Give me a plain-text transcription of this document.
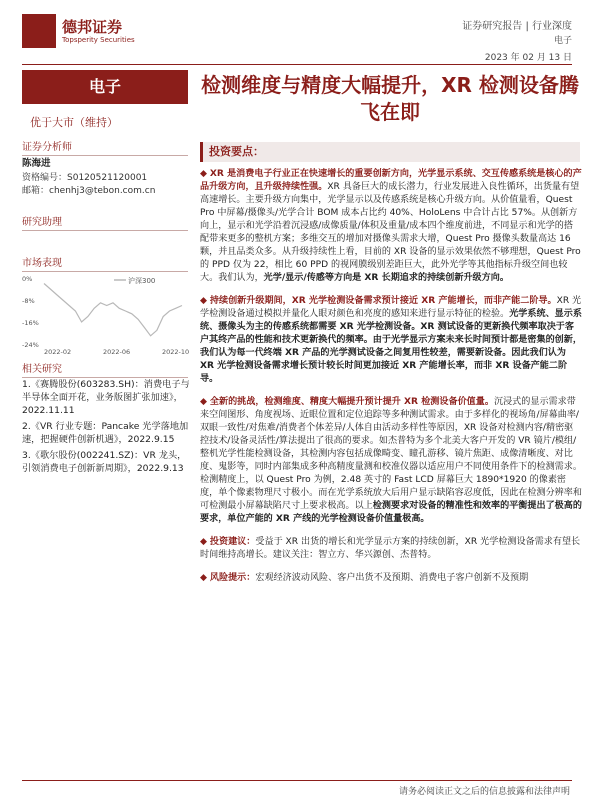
德邦证券
Topsperity Securities
证券研究报告 | 行业深度
电子
2023 年 02 月 13 日
电子	检测维度与精度大幅提升，XR 检测设备腾飞在即
优于大市（维持）
证券分析师
陈海进
资格编号：S0120521120001
邮箱：chenhj3@tebon.com.cn
研究助理
市场表现
0%
-8%
-16%
-24%
2022-02	2022-06	2022-10
沪深300
相关研究

1.《赛腾股份(603283.SH)：消费电子与半导体全面开花，业务版图扩张加速》，2022.11.11

2.《VR 行业专题：Pancake 光学落地加速，把握硬件创新机遇》，2022.9.15

3.《歌尔股份(002241.SZ)：VR 龙头，引领消费电子创新新周期》，2022.9.13

投资要点：

◆ XR 是消费电子行业正在快速增长的重要创新方向，光学显示系统、交互传感系统是核心的产品升级方向，且升级持续性强。XR 具备巨大的成长潜力，行业发展进入良性循环，出货量有望高速增长。主要升级方向集中，光学显示以及传感系统是核心升级方向。从价值量看，Quest Pro 中屏幕/摄像头/光学合计 BOM 成本占比约 40%、HoloLens 中合计占比 57%。从创新方向上，显示和光学沿着沉浸感/成像质量/体积及重量/成本四个维度前进，不同显示和光学的搭配带来更多的整机方案；多维交互的增加对摄像头需求大增，Quest Pro 摄像头数量高达 16 颗，并且品类众多。从升级持续性上看，目前的 XR 设备的显示效果依然不够理想，Quest Pro 的 PPD 仅为 22，相比 60 PPD 的视网膜级别差距巨大，此外光学等其他指标升级空间也较大。我们认为，光学/显示/传感等方向是 XR 长期追求的持续创新升级方向。

◆ 持续创新升级期间，XR 光学检测设备需求预计接近 XR 产能增长，而非产能二阶导。XR 光学检测设备通过模拟并量化人眼对颜色和亮度的感知来进行显示特征的检验。光学系统、显示系统、摄像头为主的传感系统都需要 XR 光学检测设备。XR 测试设备的更新换代频率取决于客户其终产品的性能和技术更新换代的频率。由于光学显示方案未来长时间预计都是密集的创新，我们认为每一代终端 XR 产品的光学测试设备之间复用性较差，需要新设备。因此我们认为 XR 光学检测设备需求增长预计较长时间更加接近 XR 产能增长率，而非 XR 设备产能二阶导。

◆ 全新的挑战，检测维度、精度大幅提升预计提升 XR 检测设备价值量。沉浸式的显示需求带来空间图形、角度视场、近眼位置和定位追踪等多种测试需求。由于多样化的视场角/屏幕曲率/双眼一致性/对焦难/消费者个体差异/人体自由活动多样性等原因，XR 设备对检测内容/精密驱控技术/设备灵活性/算法提出了很高的要求。如杰普特为多个北美大客户开发的 VR 镜片/模组/整机光学性能检测设备，其检测内容包括成像畸变、瞳孔游移、镜片焦距、成像清晰度、对比度、鬼影等，同时内部集成多种高精度量测和校准仪器以适应用户不同使用条件下的检测需求。检测精度上，以 Quest Pro 为例，2.48 英寸的 Fast LCD 屏幕巨大 1890*1920 的像素密度，单个像素物理尺寸极小。而在光学系统放大后用户显示缺陷容忍度低，因此在检测分辨率和可检测最小屏幕缺陷尺寸上要求极高。以上检测要求对设备的精准性和效率的平衡提出了极高的要求，单位产能的 XR 产线的光学检测设备价值量极高。

◆ 投资建议：受益于 XR 出货的增长和光学显示方案的持续创新，XR 光学检测设备需求有望长时间维持高增长。建议关注：智立方、华兴源创、杰普特。

◆ 风险提示：宏观经济波动风险、客户出货不及预期、消费电子客户创新不及预期

请务必阅读正文之后的信息披露和法律声明
